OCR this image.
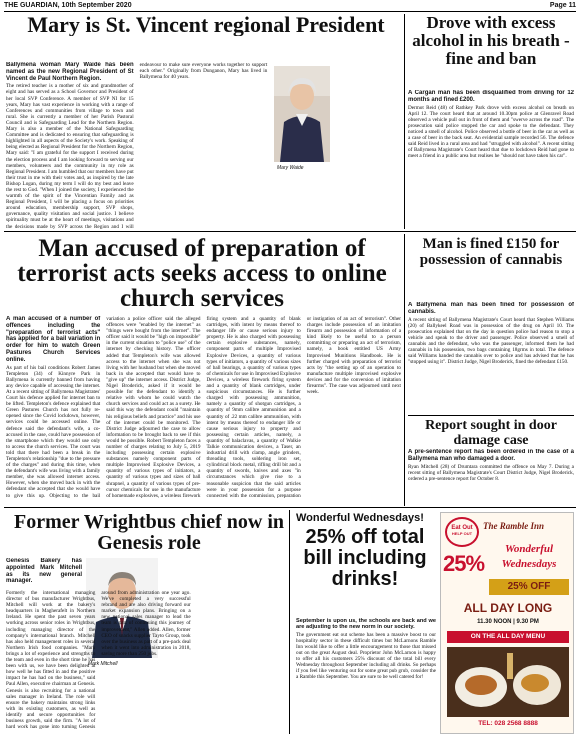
THE GUARDIAN, 10th September 2020	Page 11
Mary is St. Vincent regional President

Ballymena woman Mary Waide has been named as the new Regional President of St Vincent de Paul Northern Region.

The retired teacher is a mother of six and grandmother of eight and has served as a School Governor and President of her local SVP Conference. A member of SVP NI for 15 years, Mary has vast experience in working with a range of Conferences and communities from village to town and rural. She is currently a member of her Parish Pastoral Council and is Safeguarding Lead for the Northern Region. Mary is also a member of the National Safeguarding Committee and is dedicated to ensuring that safeguarding is highlighted in all aspects of the Society's work. Speaking of being elected as Regional President for the Northern Region, Mary said: "I am grateful for the support I received during the election process and I am looking forward to serving our members, volunteers and the community in my role as Regional President. I am humbled that our members have put their trust in me with their votes and, as inspired by the late Bishop Logan, during my term I will do my best and leave the rest to God. "When I joined the society, I experienced the warmth of the spirit of the Vincentian Family and as Regional President, I will be placing a focus on priorities around education, membership support, SVP shops, governance, quality visitation and social justice. I believe spirituality must be at the heart of meetings, visitations and the decisions made by SVP across the Region and I will endeavour to make sure everyone works together to support each other." Originally from Dunganon, Mary has lived in Ballymena for 40 years.

Mary Waide
Drove with excess alcohol in his breath - fine and ban

A Cargan man has been disqualified from driving for 12 months and fined £200.

Dermot Reid (48) of Rathkey Park drove with excess alcohol on breath on April 12. The court heard that at around 10.30pm police at Glenravel Road observed a vehicle pull out in front of them and "swerve across the road". The prosecution said police stopped the car and spoke to the defendant. They noticed a smell of alcohol. Police observed a bottle of beer in the car as well as a case of beer in the back seat. An evidential sample recorded 56. The defence said Reid lived in a rural area and had "struggled with alcohol". A recent sitting of Ballymena Magistrate's Court heard that due to lockdown Reid had gone to meet a friend in a public area but realises he "should not have taken his car".

Man accused of preparation of terrorist acts seeks access to online church services

A man accused of a number of offences including the "preparation of terrorist acts" has applied for a bail variation in order for him to watch Green Pastures Church Services online.

As part of his bail conditions Robert James Templeton (34) of Kinnyre Park in Ballymena is currently banned from having any device capable of accessing the internet. At a recent sitting of Ballymena Magistrates' Court his defence applied for internet ban to be lifted. Templeton's defence explained that Green Pastures Church has not fully re-opened since the Covid lockdown, however, services could be accessed online. The defence said the defendant's wife, a co-accused in the case, could have possession of the smartphone which they would use only to access the church services. The court was told that there had been a break in the Templeton's relationship "due to the pressure of the charges" and during this time, when the defendant's wife was living with a family member, she was allowed internet access. However, when she moved back in with the defendant she accepted that she would have to give this up. Objecting to the bail variation a police officer said the alleged offences were "enabled by the internet" as "things were bought from the internet". The officer said it would be "high on impossible" in the current situation to "police use" of the internet by checking history. The officer added that Templeton's wife was allowed access to the internet when she was not living with her husband but when she moved back in she accepted that would have to "give up" the internet access. District Judge, Nigel Broderick, asked if it would be possible for the defendant to identify a relative with whom he could watch the church services and could act as a surety. He said this way the defendant could "maintain his religious beliefs and practice" and his use of the internet could be monitored. The District Judge adjourned the case to allow information to be brought back to see if this would be possible. Robert Templeton faces a number of charges relating to July 5, 2019 including possessing certain explosive substances namely component parts of multiple Improvised Explosive Devices, a quantity of various types of initiators, a quantity of various types and sizes of ball shrapnel, a quantity of various types of pre-cursor chemicals for use in the manufacture of homemade explosives, a wireless firework firing system and a quantity of blank cartridges, with intent by means thereof to endanger life or cause serious injury to property. He is also charged with possessing certain explosive substances, namely, component parts of multiple Improvised Explosive Devices, a quantity of various types of initiators, a quantity of various sizes of ball bearings, a quantity of various types of chemicals for use in Improvised Explosive Devices, a wireless firework firing system and a quantity of blank cartridges, under suspicious circumstances. He is further charged with possessing ammunition, namely a quantity of shotgun cartridges, a quantity of 9mm calibre ammunition and a quantity of .22 mm calibre ammunition, with intent by means thereof to endanger life or cause serious injury to property and possessing certain articles, namely, a quantity of balaclavas, a quantity of Walkie Talkie communication devices, a Taser, an industrial drill with clamp, angle grinders, threading tools, soldering iron set, cylindrical block metal, rifling drill bit and a quantity of swords, knives and axes "in circumstances which give rise to a reasonable suspicion that the said articles were in your possession for a purpose connected with the commission, preparation or instigation of an act of terrorism". Other charges include possession of an imitation firearm and possession of information of a kind likely to be useful to a person committing or preparing an act of terrorism, namely, a book entitled US Army Improvised Munitions Handbook. He is further charged with preparation of terrorist acts by "the setting up of an operation to manufacture multiple improvised explosive devices and for the conversion of imitation firearms". The case was adjourned until next week.

Man is fined £150 for possession of cannabis

A Ballymena man has been fined for possession of cannabis.

A recent sitting of Ballymena Magistrate's Court heard that Stephen Williams (20) of Ballykeel Road was in possession of the drug on April 10. The prosecution explained that on the day in question police had reason to stop a vehicle and speak to the driver and passenger. Police observed a smell of cannabis and the defendant, who was the passenger, informed them he had cannabis in his possession, two bags containing 18grms in total. The defence said Williams handed the cannabis over to police and has advised that he has "stopped using it". District Judge, Nigel Broderick, fined the defendant £150.

Report sought in door damage case

A pre-sentence report has been ordered in the case of a Ballymena man who damaged a door.

Ryan Mitchell (28) of Drumtara committed the offence on May 7. During a recent sitting of Ballymena Magistrate's Court District Judge, Nigel Broderick, ordered a pre-sentence report for October 8.

Former Wrightbus chief now in Genesis role
Mark Mitchell

Genesis Bakery has appointed Mark Mitchell as its new general manager.

Formerly the international managing director of bus manufacturer Wrightbus, Mitchell will work at the bakery's headquarters in Magherafelt in Northern Ireland. He spent the past seven years working across senior roles in Wrightbus, including managing director of the company's international branch. Mitchell has also held management roles in several Northern Irish food companies. "Mark brings a lot of experience and strengths to the team and even in the short time he has been with us, we have been delighted at how well he has fitted in and the positive impact he has had on the business," said Paul Allen, executive chairman at Genesis. Genesis is also recruiting for a national sales manager in Ireland. The role will ensure the bakery maintains strong links with its existing customers, as well as identify and secure opportunities for business growth, said the firm. "A lot of hard work has gone into turning Genesis around from administration one year ago. We've completed a very successful rebrand and are also driving forward our market expansion plans. Bringing on a new national sales manager to lead the team is part of continuing this journey of improvement," Allen added. Allen, former CEO of snacks supplier Tayto Group, took over the business as part of a pre-pack deal when it went into administration in 2018, saving more than 250 jobs.

Wonderful Wednesdays!
25% off total bill including drinks!

September is upon us, the schools are back and we are adjusting to the new norm in our society.

The government eat out scheme has been a massive boost to our hospitality sector in these difficult times but McLarnons Ramble Inn would like to offer a little encouragement to those that missed out on the great August deal. Proprietor John McLarnon is happy to offer all his customers 25% discount of the total bill every Wednesday throughout September including all drinks. So perhaps if you feel like venturing out for some great pub grub, consider the a Ramble this September. You are sure to be well catered for!

Eat Out
HELP OUT
The Ramble Inn
Wonderful
Wednesdays
25%
25% OFF
ALL DAY LONG
11.30 NOON | 9.30 PM
ON THE ALL DAY MENU
TEL: 028 2568 8888
